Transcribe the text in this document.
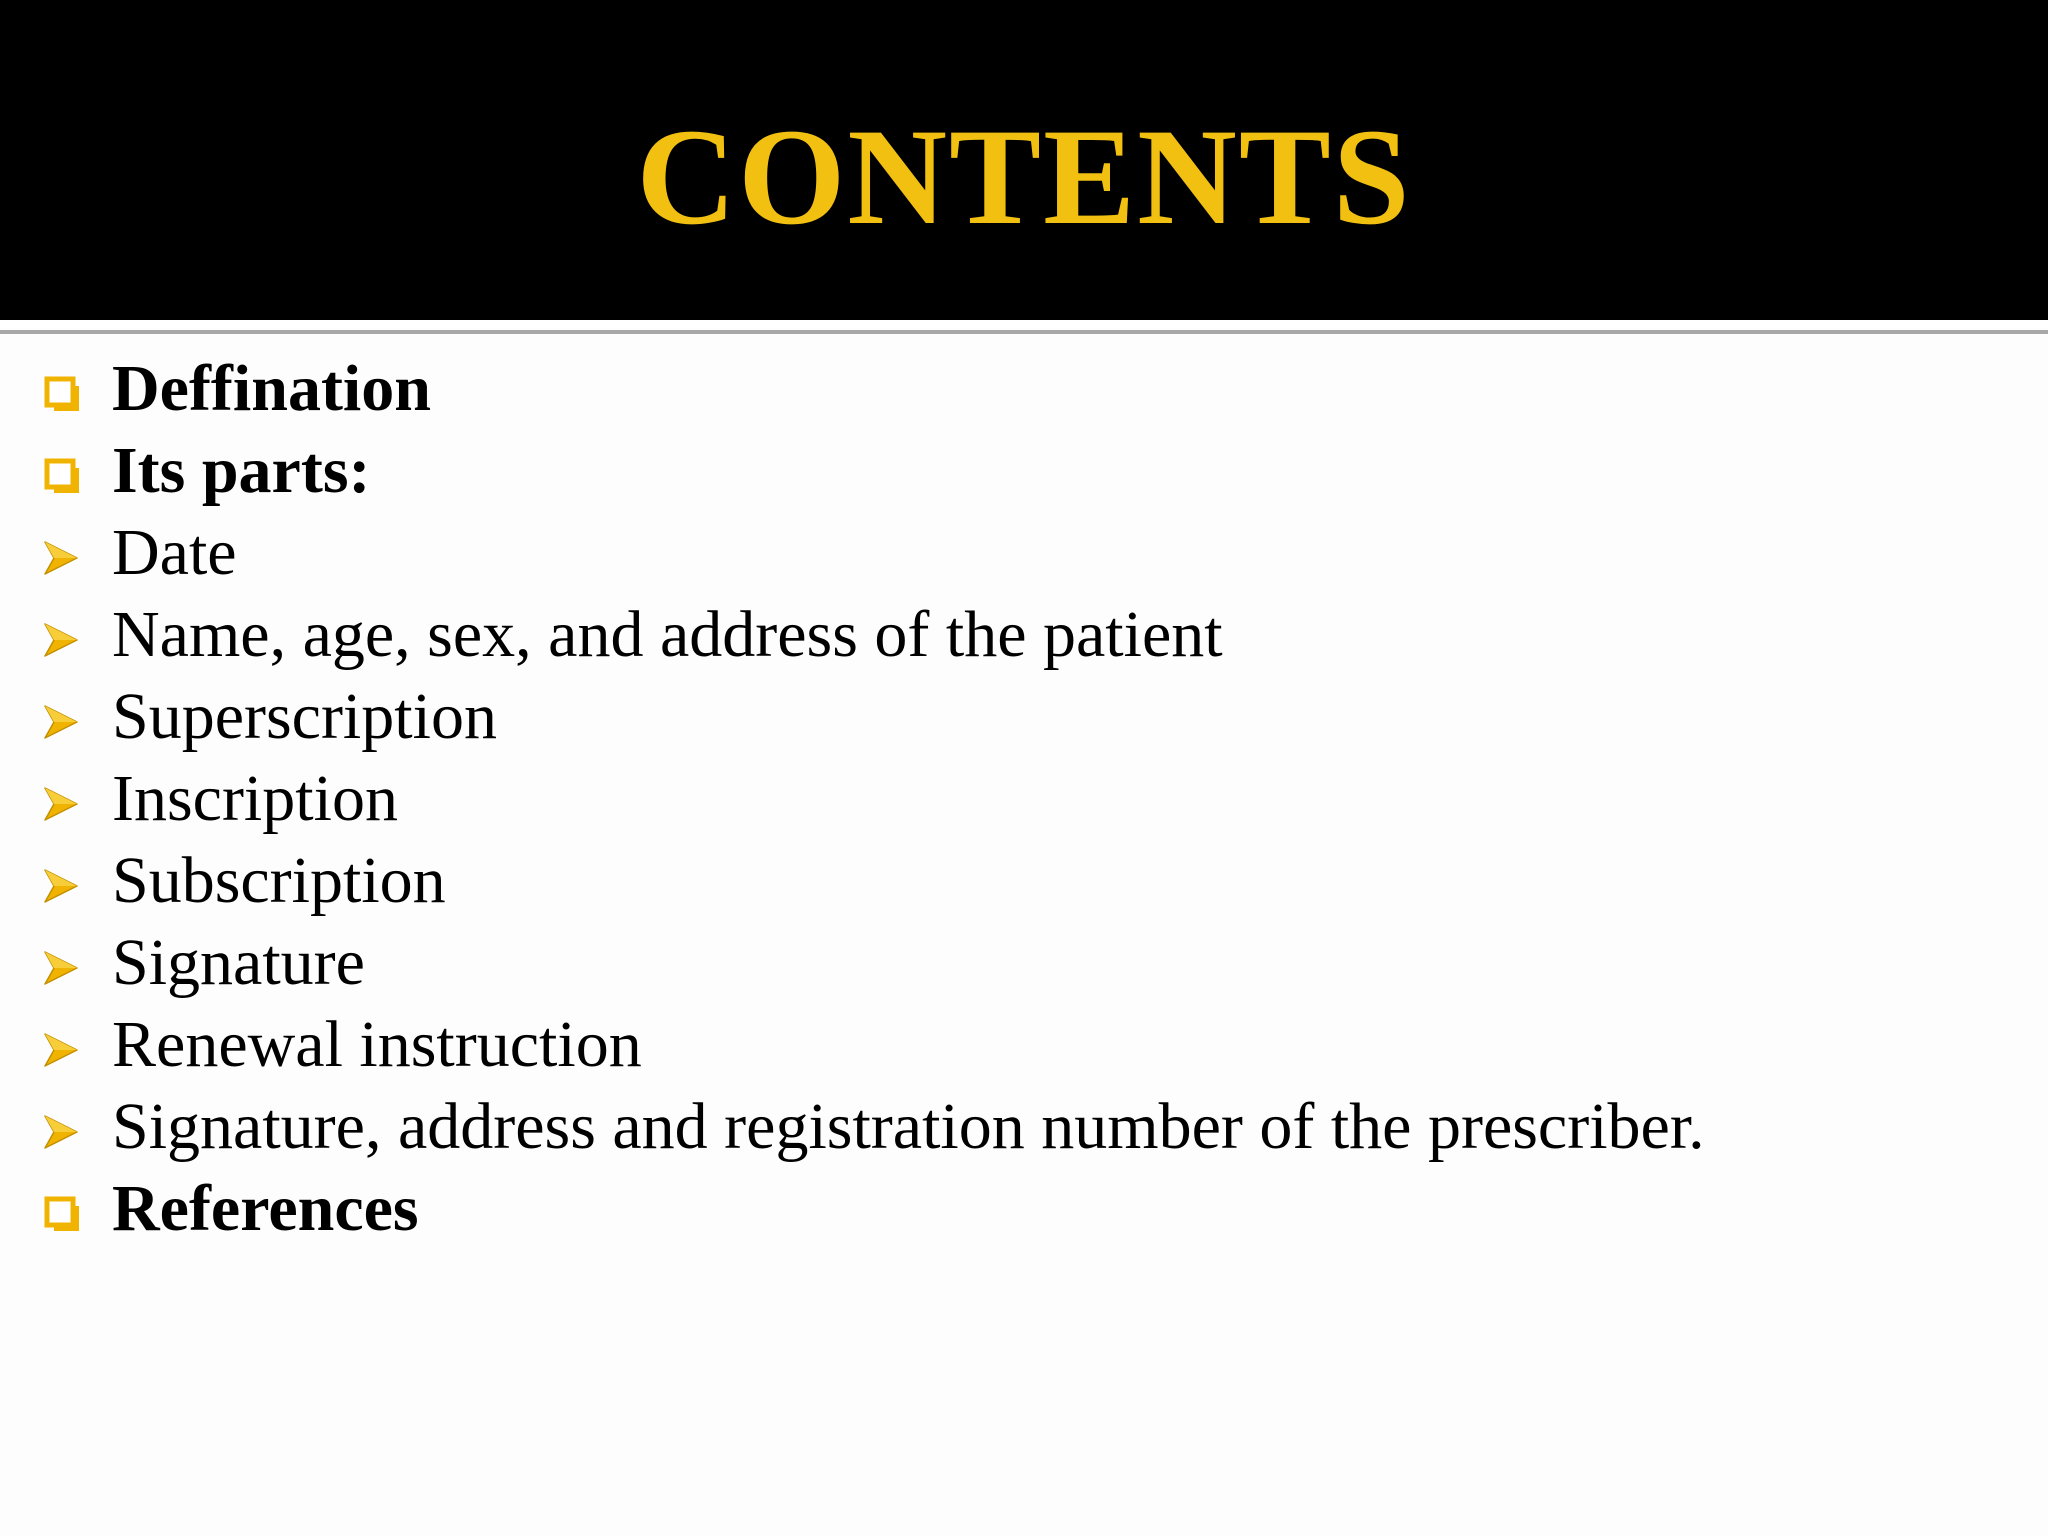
CONTENTS
Deffination
Its parts:
Date
Name, age, sex, and address of the patient
Superscription
Inscription
Subscription
Signature
Renewal instruction
Signature, address and registration number of the prescriber.
References
